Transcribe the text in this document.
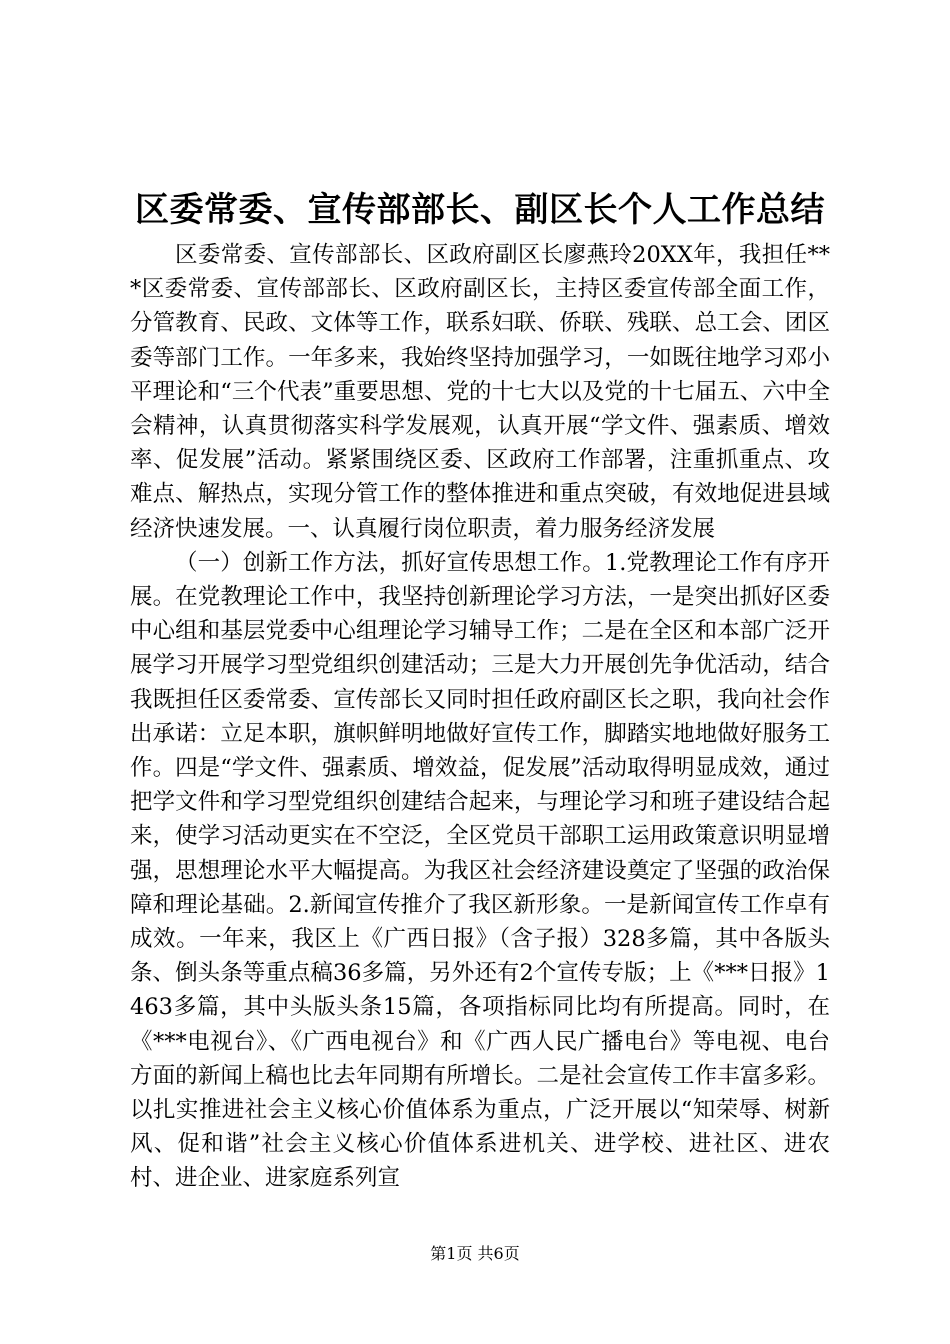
区委常委、宣传部部长、副区长个人工作总结

区委常委、宣传部部长、区政府副区长廖燕玲20XX年，我担任***区委常委、宣传部部长、区政府副区长，主持区委宣传部全面工作，分管教育、民政、文体等工作，联系妇联、侨联、残联、总工会、团区委等部门工作。一年多来，我始终坚持加强学习，一如既往地学习邓小平理论和“三个代表”重要思想、党的十七大以及党的十七届五、六中全会精神，认真贯彻落实科学发展观，认真开展“学文件、强素质、增效率、促发展”活动。紧紧围绕区委、区政府工作部署，注重抓重点、攻难点、解热点，实现分管工作的整体推进和重点突破，有效地促进县域经济快速发展。一、认真履行岗位职责，着力服务经济发展

（一）创新工作方法，抓好宣传思想工作。1.党教理论工作有序开展。在党教理论工作中，我坚持创新理论学习方法，一是突出抓好区委中心组和基层党委中心组理论学习辅导工作；二是在全区和本部广泛开展学习开展学习型党组织创建活动；三是大力开展创先争优活动，结合我既担任区委常委、宣传部长又同时担任政府副区长之职，我向社会作出承诺：立足本职，旗帜鲜明地做好宣传工作，脚踏实地地做好服务工作。四是“学文件、强素质、增效益，促发展”活动取得明显成效，通过把学文件和学习型党组织创建结合起来，与理论学习和班子建设结合起来，使学习活动更实在不空泛，全区党员干部职工运用政策意识明显增强，思想理论水平大幅提高。为我区社会经济建设奠定了坚强的政治保障和理论基础。2.新闻宣传推介了我区新形象。一是新闻宣传工作卓有成效。一年来，我区上《广西日报》（含子报）328多篇，其中各版头条、倒头条等重点稿36多篇，另外还有2个宣传专版；上《***日报》1463多篇，其中头版头条15篇，各项指标同比均有所提高。同时，在《***电视台》、《广西电视台》和《广西人民广播电台》等电视、电台方面的新闻上稿也比去年同期有所增长。二是社会宣传工作丰富多彩。以扎实推进社会主义核心价值体系为重点，广泛开展以“知荣辱、树新风、促和谐”社会主义核心价值体系进机关、进学校、进社区、进农村、进企业、进家庭系列宣

第1页 共6页
